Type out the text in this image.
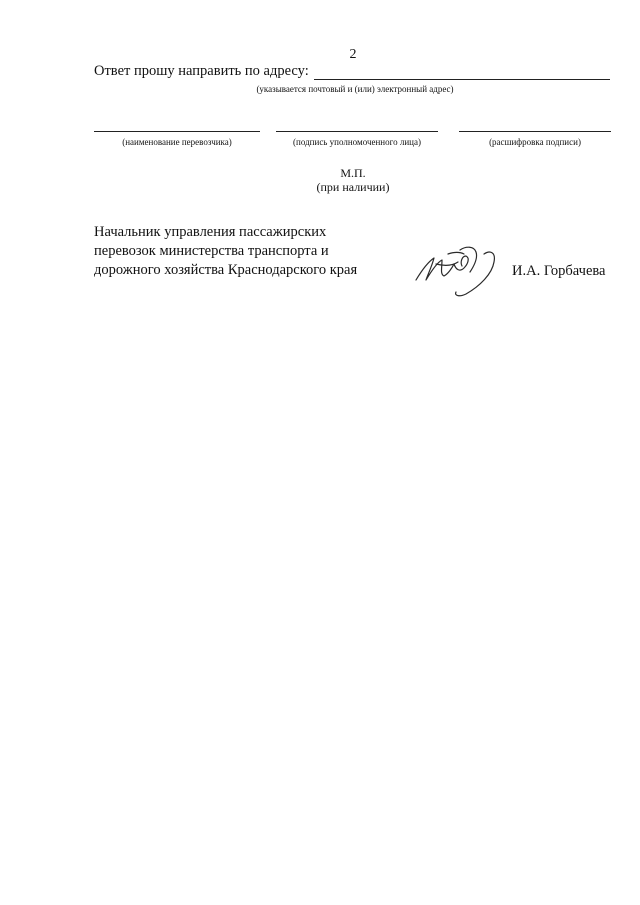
2
Ответ прошу направить по адресу:
(указывается почтовый и (или) электронный адрес)
(наименование перевозчика)	(подпись уполномоченного лица)	(расшифровка подписи)
М.П.
(при наличии)
Начальник управления пассажирских
перевозок министерства транспорта и
дорожного хозяйства Краснодарского края	И.А. Горбачева
